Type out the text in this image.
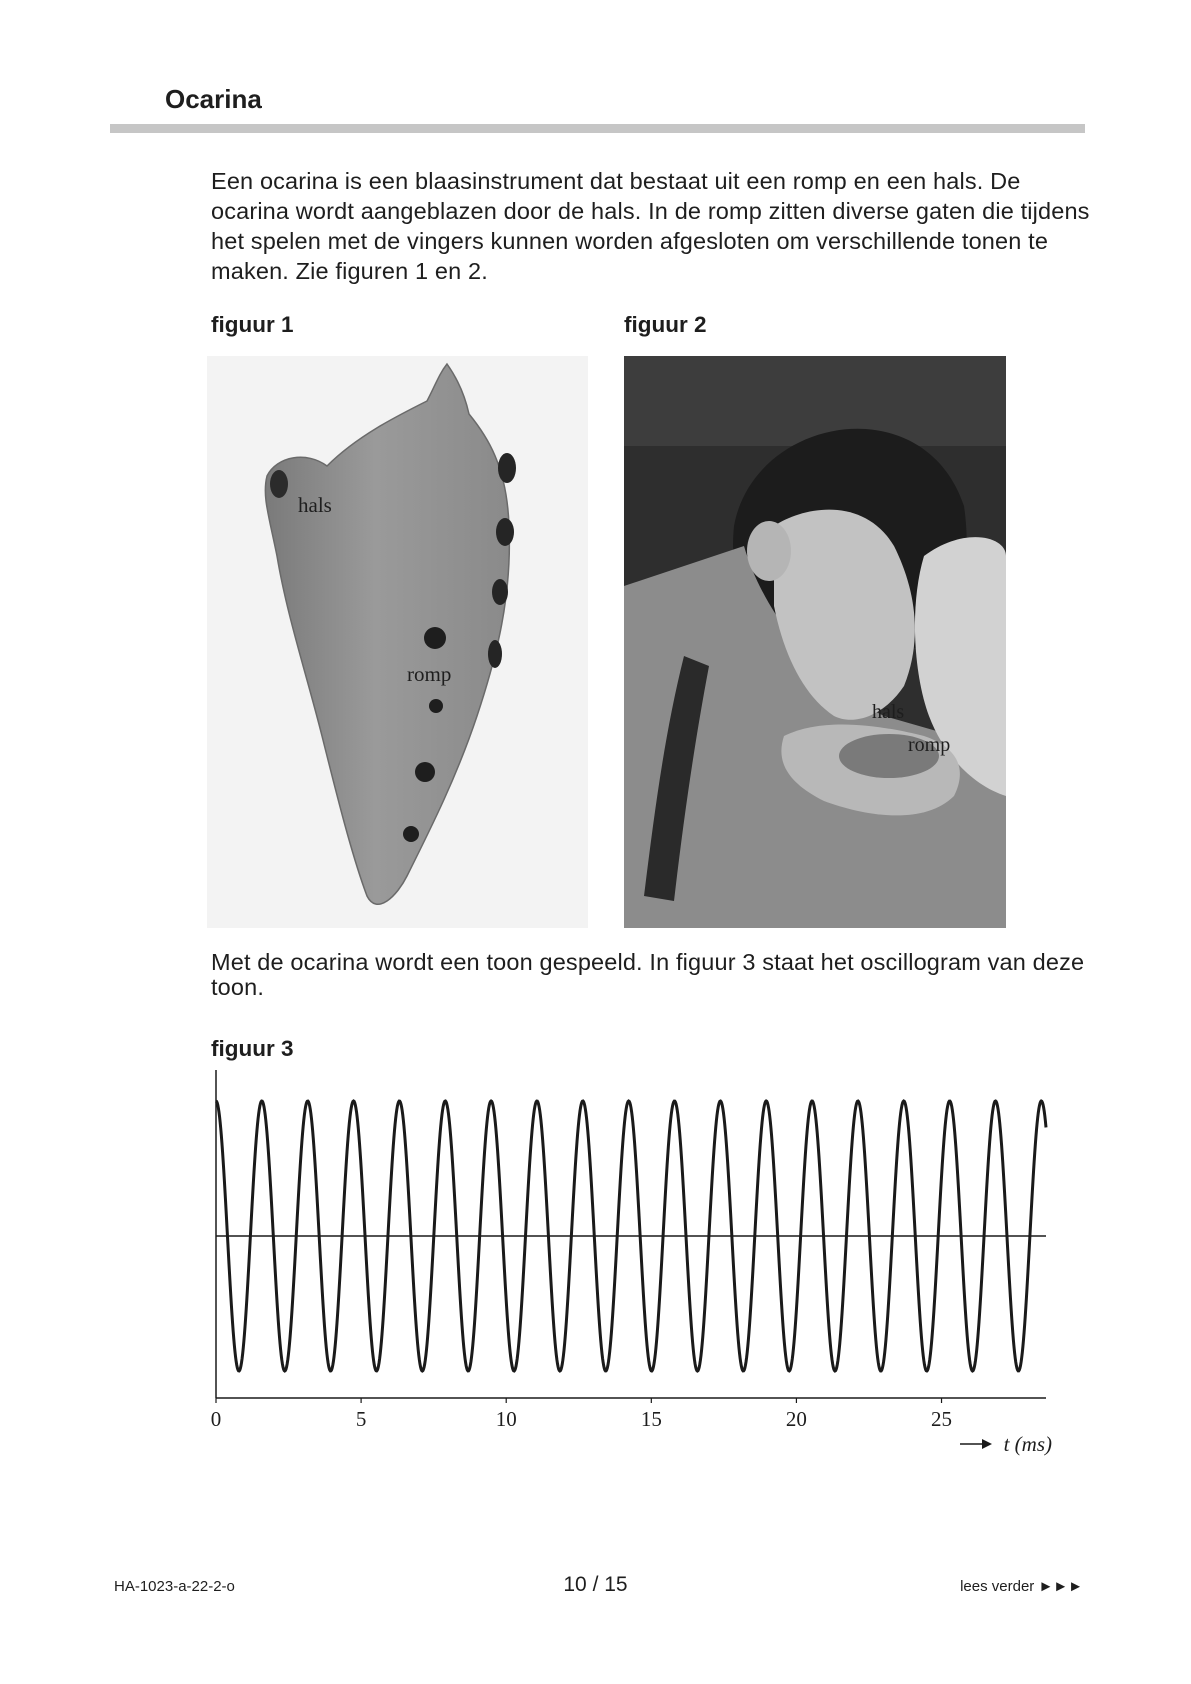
Ocarina
Een ocarina is een blaasinstrument dat bestaat uit een romp en een hals. De ocarina wordt aangeblazen door de hals. In de romp zitten diverse gaten die tijdens het spelen met de vingers kunnen worden afgesloten om verschillende tonen te maken. Zie figuren 1 en 2.
figuur 1	figuur 2
hals
romp
hals
romp
Met de ocarina wordt een toon gespeeld. In figuur 3 staat het oscillogram van deze toon.
figuur 3
0	5	10	15	20	25
t (ms)
HA-1023-a-22-2-o	10 / 15	lees verder ►►►
